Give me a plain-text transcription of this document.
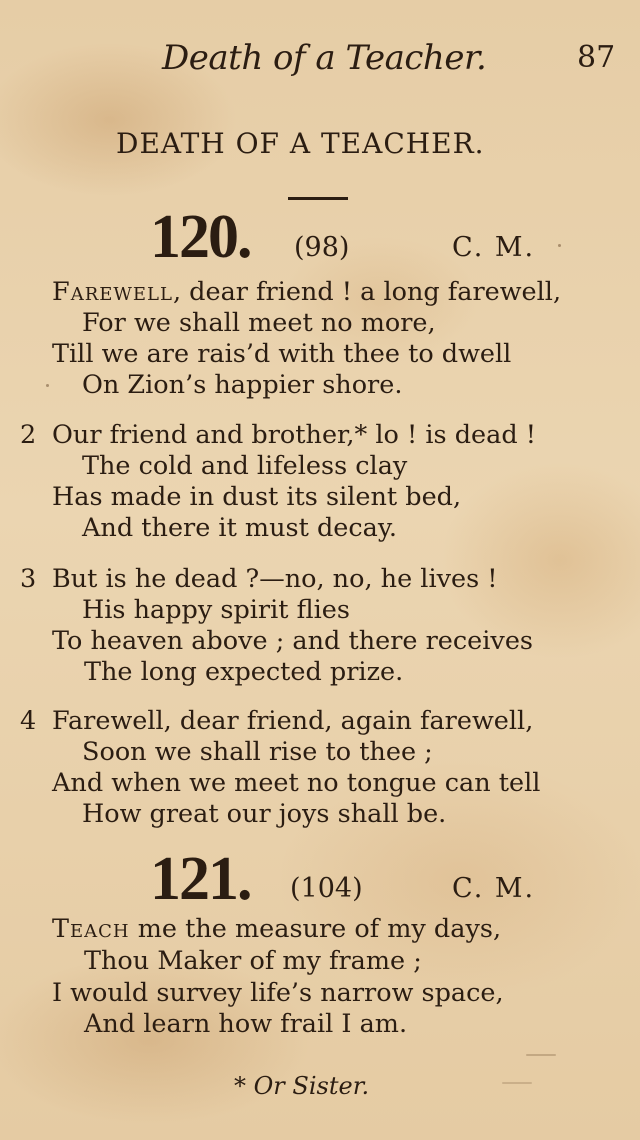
Death of a Teacher.	87
DEATH OF A TEACHER.
120. (98)	C. M.
Farewell, dear friend ! a long farewell,
For we shall meet no more,
Till we are rais’d with thee to dwell
On Zion’s happier shore.
2 Our friend and brother,* lo ! is dead !
The cold and lifeless clay
Has made in dust its silent bed,
And there it must decay.
3 But is he dead ?—no, no, he lives !
His happy spirit flies
To heaven above ; and there receives
The long expected prize.
4 Farewell, dear friend, again farewell,
Soon we shall rise to thee ;
And when we meet no tongue can tell
How great our joys shall be.
121. (104)	C. M.
Teach me the measure of my days,
Thou Maker of my frame ;
I would survey life’s narrow space,
And learn how frail I am.
* Or Sister.
